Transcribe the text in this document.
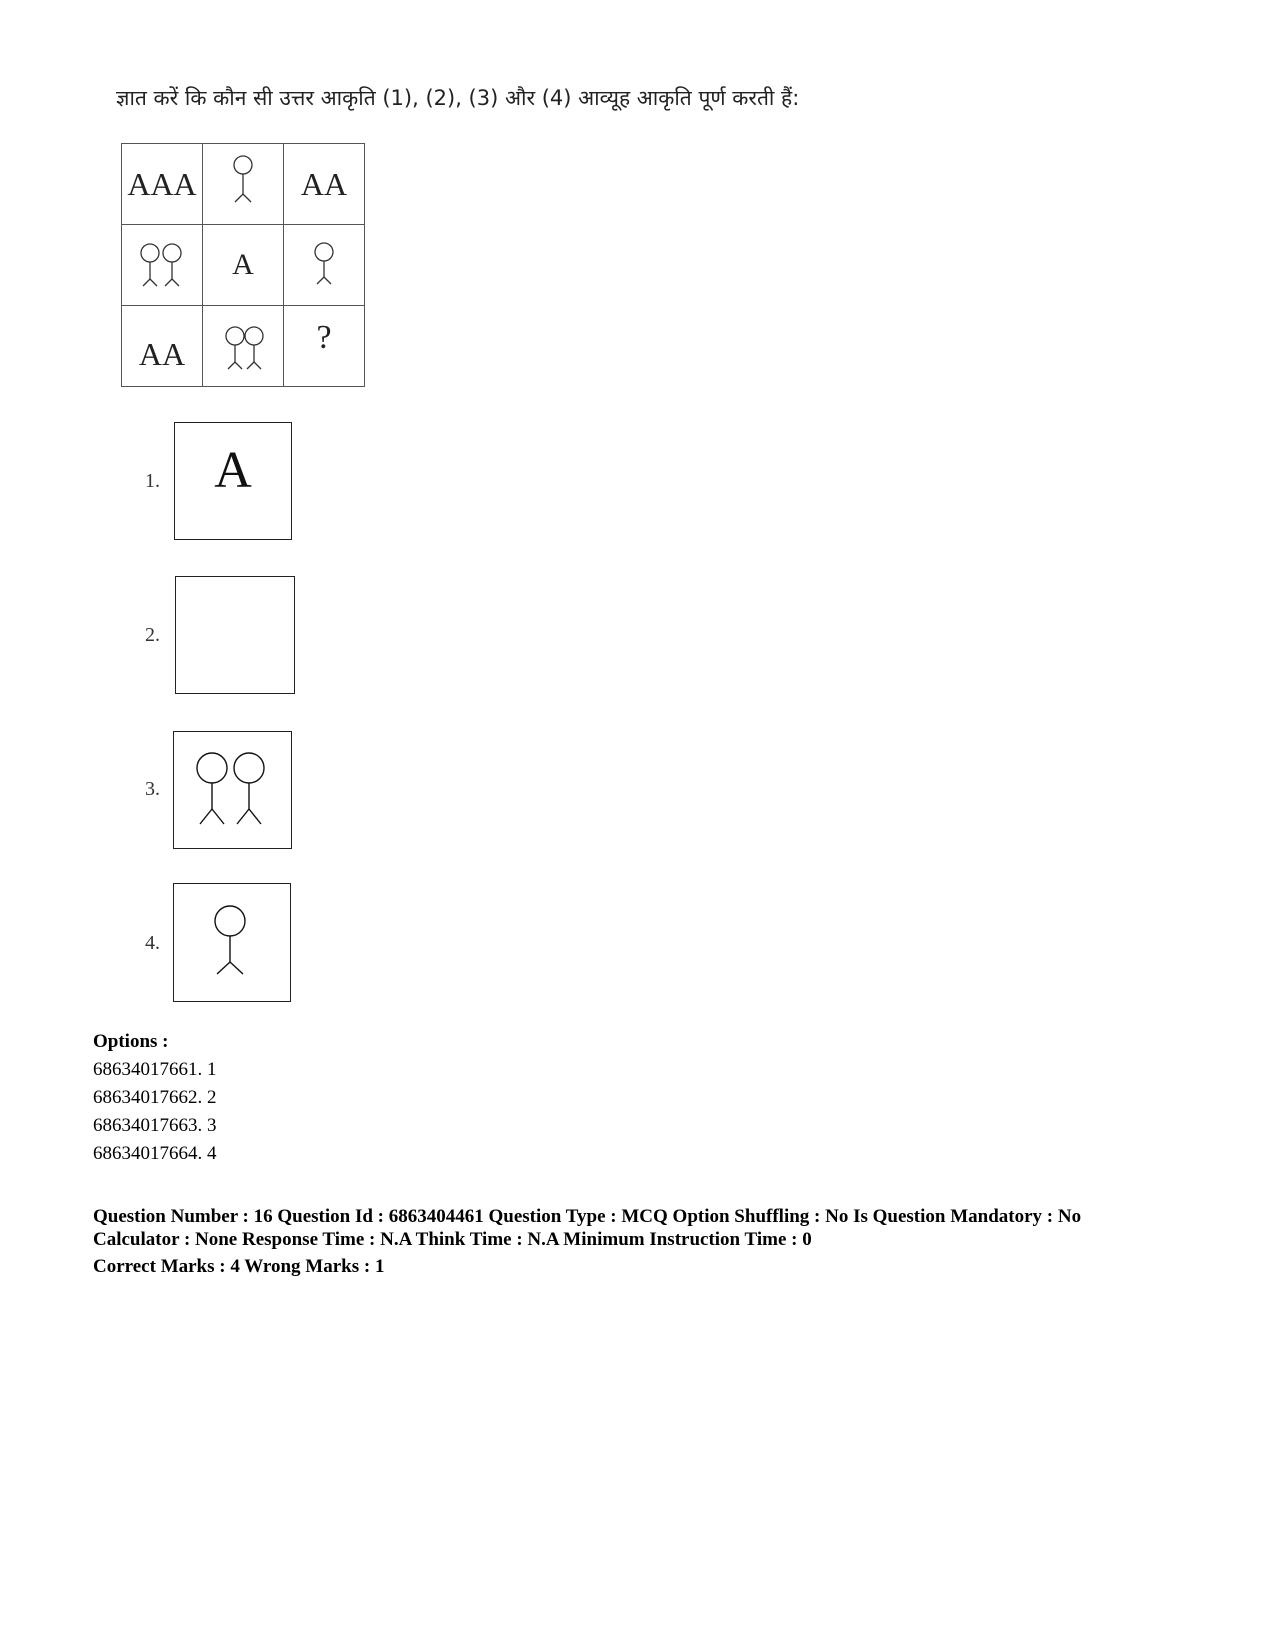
ज्ञात करें कि कौन सी उत्तर आकृति (1), (2), (3) और (4) आव्यूह आकृति पूर्ण करती हैं:
AAA		AA
	A	
AA		?
1. A
2.
3.
4.
Options :
68634017661. 1
68634017662. 2
68634017663. 3
68634017664. 4
Question Number : 16 Question Id : 6863404461 Question Type : MCQ Option Shuffling : No Is Question Mandatory : No
Calculator : None Response Time : N.A Think Time : N.A Minimum Instruction Time : 0
Correct Marks : 4 Wrong Marks : 1
